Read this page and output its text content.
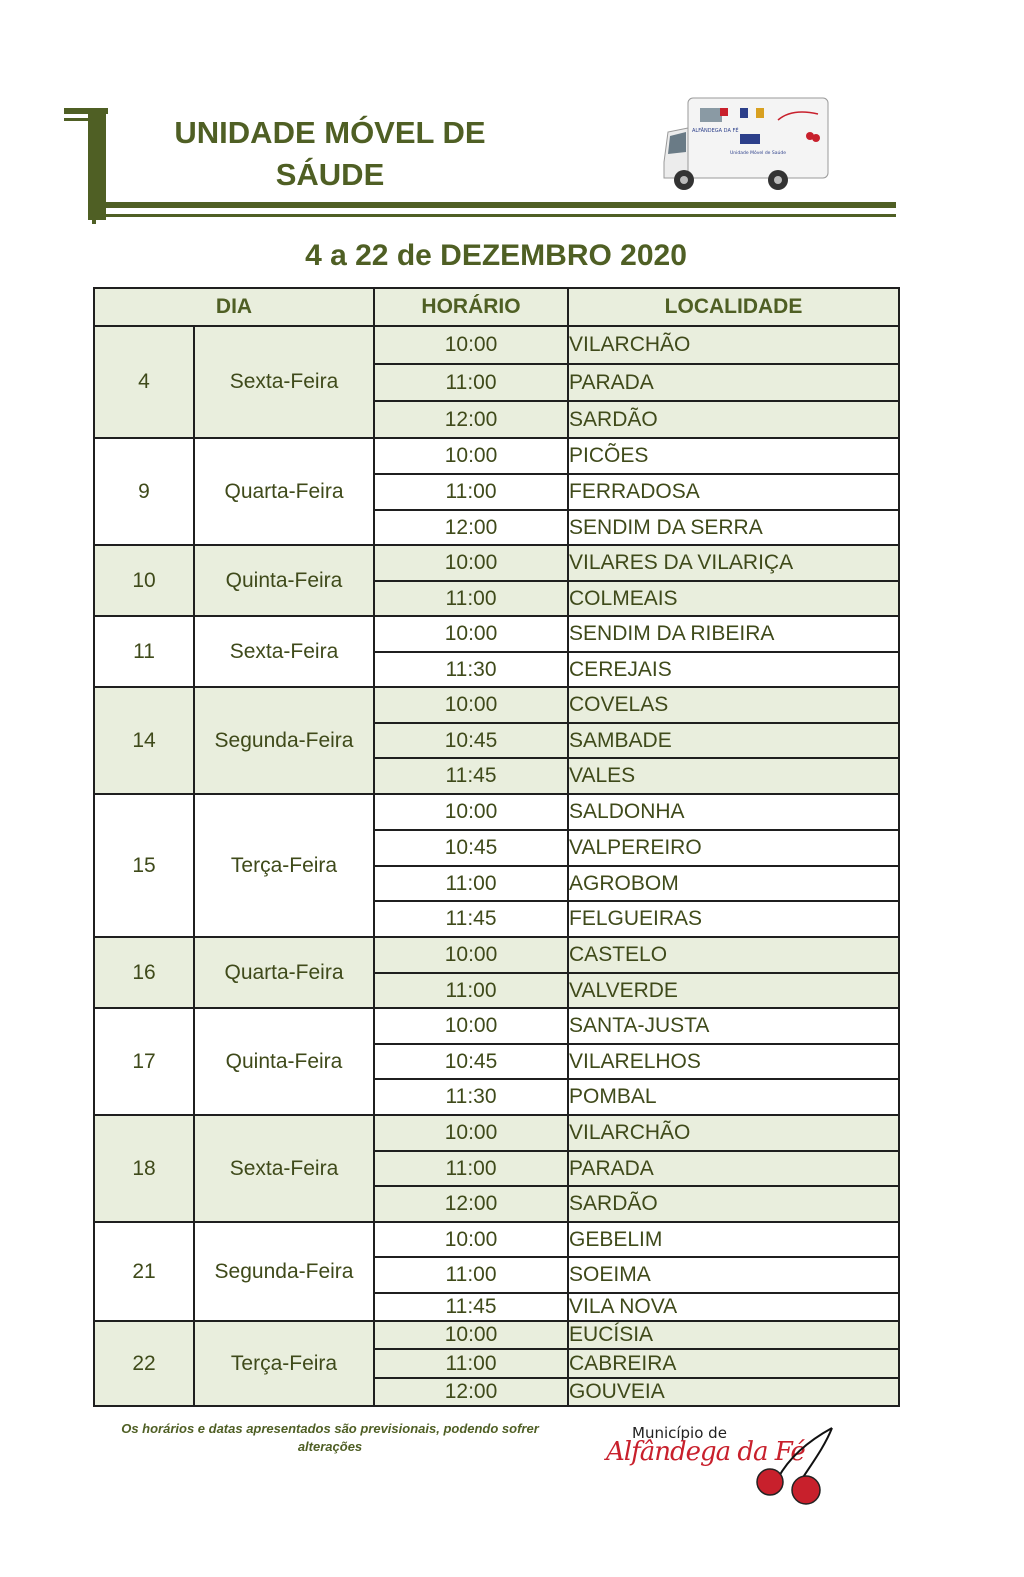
UNIDADE MÓVEL DE
SÁUDE
ALFÂNDEGA DA FÉ
Unidade Móvel de Saúde
4 a 22 de DEZEMBRO 2020
DIA		HORÁRIO	LOCALIDADE
4	Sexta-Feira	10:00	VILARCHÃO
		11:00	PARADA
		12:00	SARDÃO
9	Quarta-Feira	10:00	PICÕES
		11:00	FERRADOSA
		12:00	SENDIM DA SERRA
10	Quinta-Feira	10:00	VILARES DA VILARIÇA
		11:00	COLMEAIS
11	Sexta-Feira	10:00	SENDIM DA RIBEIRA
		11:30	CEREJAIS
14	Segunda-Feira	10:00	COVELAS
		10:45	SAMBADE
		11:45	VALES
15	Terça-Feira	10:00	SALDONHA
		10:45	VALPEREIRO
		11:00	AGROBOM
		11:45	FELGUEIRAS
16	Quarta-Feira	10:00	CASTELO
		11:00	VALVERDE
17	Quinta-Feira	10:00	SANTA-JUSTA
		10:45	VILARELHOS
		11:30	POMBAL
18	Sexta-Feira	10:00	VILARCHÃO
		11:00	PARADA
		12:00	SARDÃO
21	Segunda-Feira	10:00	GEBELIM
		11:00	SOEIMA
		11:45	VILA NOVA
22	Terça-Feira	10:00	EUCÍSIA
		11:00	CABREIRA
		12:00	GOUVEIA

Os horários e datas apresentados são previsionais, podendo sofrer alterações

Município de
Alfândega da Fé
